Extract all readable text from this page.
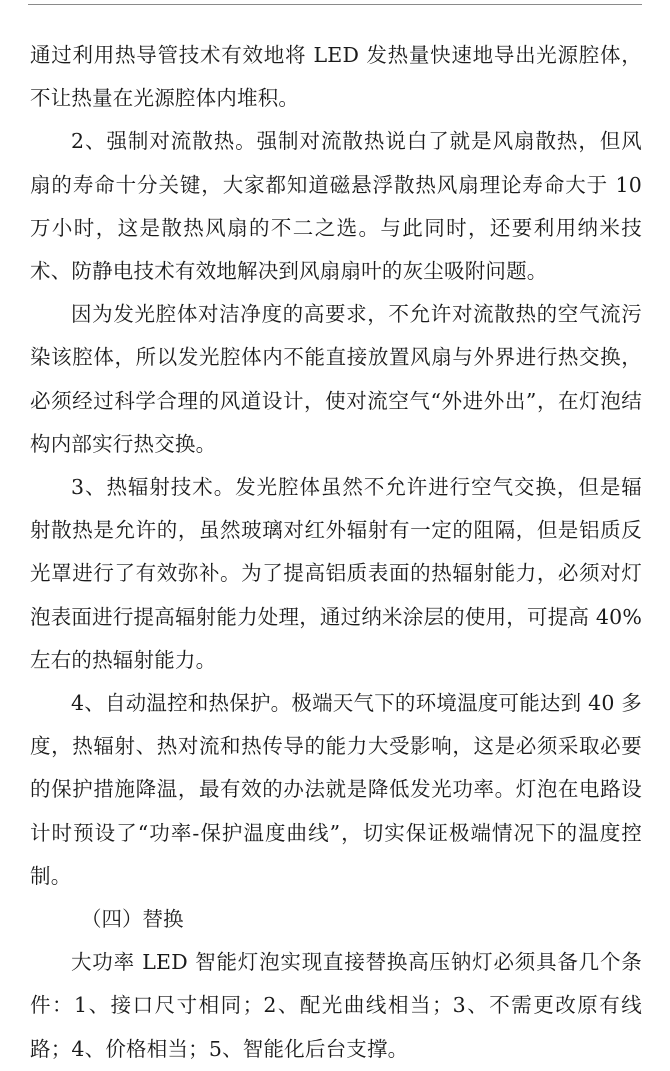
通过利用热导管技术有效地将 LED 发热量快速地导出光源腔体，不让热量在光源腔体内堆积。

2、强制对流散热。强制对流散热说白了就是风扇散热，但风扇的寿命十分关键，大家都知道磁悬浮散热风扇理论寿命大于 10 万小时，这是散热风扇的不二之选。与此同时，还要利用纳米技术、防静电技术有效地解决到风扇扇叶的灰尘吸附问题。

因为发光腔体对洁净度的高要求，不允许对流散热的空气流污染该腔体，所以发光腔体内不能直接放置风扇与外界进行热交换，必须经过科学合理的风道设计，使对流空气“外进外出”，在灯泡结构内部实行热交换。

3、热辐射技术。发光腔体虽然不允许进行空气交换，但是辐射散热是允许的，虽然玻璃对红外辐射有一定的阻隔，但是铝质反光罩进行了有效弥补。为了提高铝质表面的热辐射能力，必须对灯泡表面进行提高辐射能力处理，通过纳米涂层的使用，可提高 40%左右的热辐射能力。

4、自动温控和热保护。极端天气下的环境温度可能达到 40 多度，热辐射、热对流和热传导的能力大受影响，这是必须采取必要的保护措施降温，最有效的办法就是降低发光功率。灯泡在电路设计时预设了“功率-保护温度曲线”，切实保证极端情况下的温度控制。

（四）替换

大功率 LED 智能灯泡实现直接替换高压钠灯必须具备几个条件：1、接口尺寸相同；2、配光曲线相当；3、不需更改原有线路；4、价格相当；5、智能化后台支撑。
